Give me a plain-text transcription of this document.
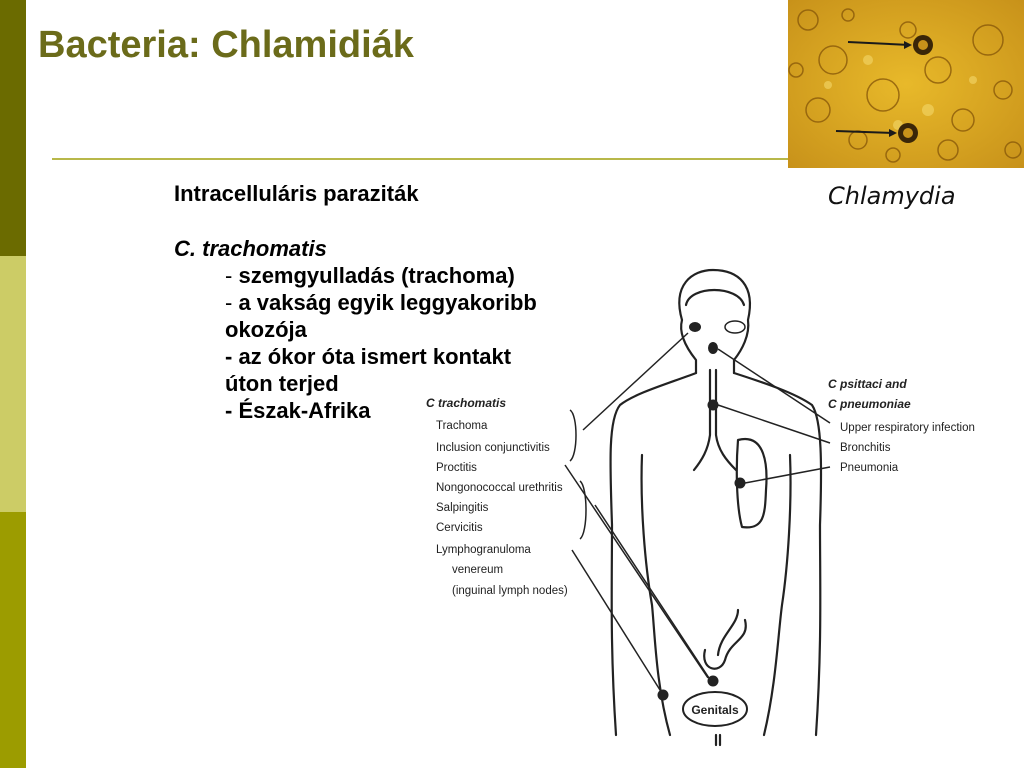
Bacteria: Chlamidiák
Chlamydia
Intracelluláris paraziták
C. trachomatis
- szemgyulladás (trachoma)
- a vakság egyik leggyakoribb okozója
- az ókor óta ismert kontakt úton terjed
- Észak-Afrika	C trachomatis
Trachoma
Inclusion conjunctivitis
Proctitis
Nongonococcal urethritis
Salpingitis
Cervicitis
Lymphogranuloma
venereum
(inguinal lymph nodes)
C psittaci and
C pneumoniae
Upper respiratory infection
Bronchitis
Pneumonia
Genitals
